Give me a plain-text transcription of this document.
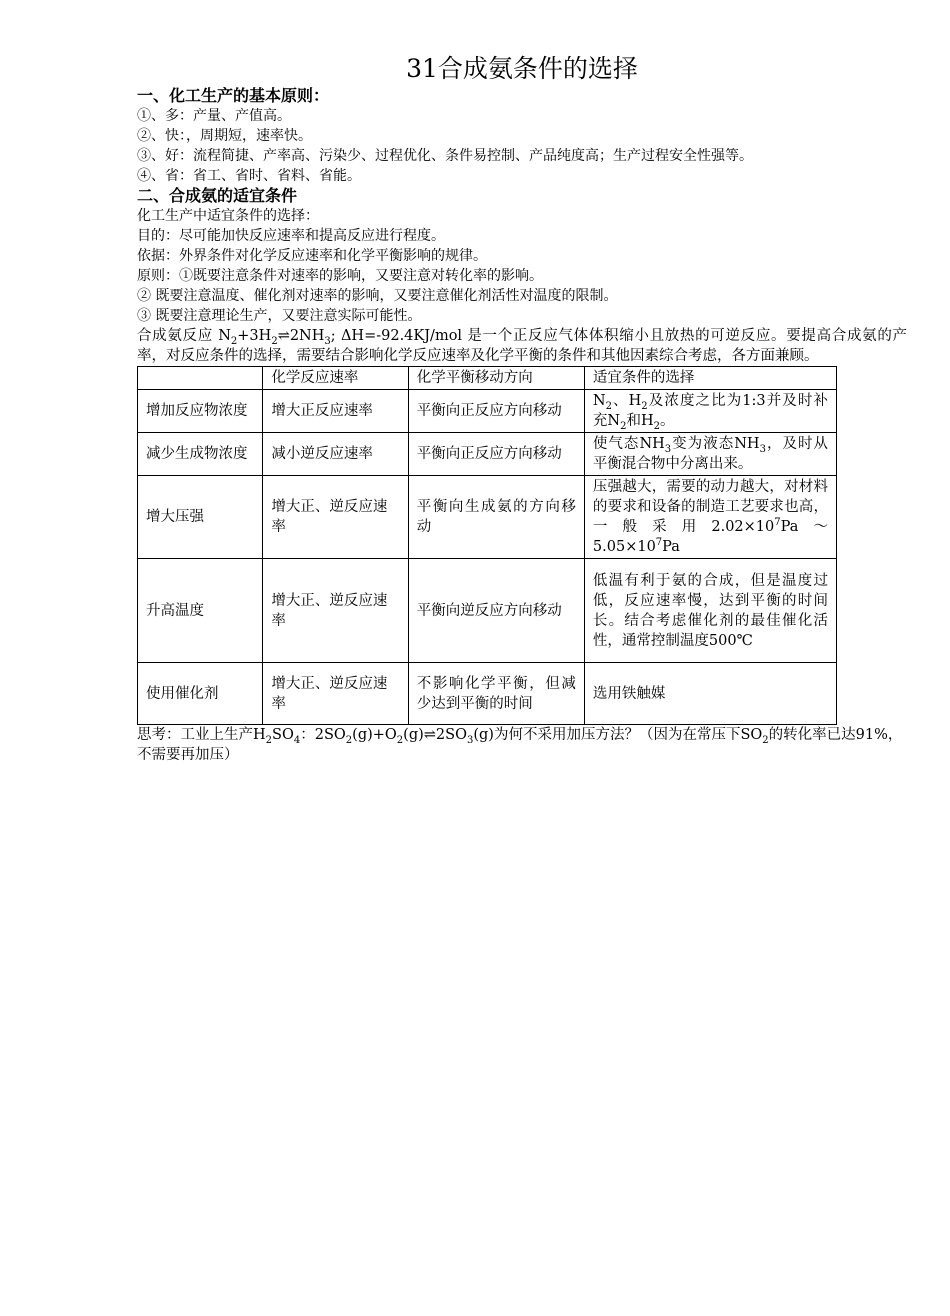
31合成氨条件的选择
一、化工生产的基本原则：
①、多：产量、产值高。
②、快：，周期短，速率快。
③、好：流程简捷、产率高、污染少、过程优化、条件易控制、产品纯度高；生产过程安全性强等。
④、省：省工、省时、省料、省能。
二、合成氨的适宜条件
化工生产中适宜条件的选择：
目的：尽可能加快反应速率和提高反应进行程度。
依据：外界条件对化学反应速率和化学平衡影响的规律。
原则：①既要注意条件对速率的影响，又要注意对转化率的影响。
② 既要注意温度、催化剂对速率的影响，又要注意催化剂活性对温度的限制。
③ 既要注意理论生产，又要注意实际可能性。
合成氨反应 $N_2+3H_2\rightleftharpoons 2NH_3$; ΔH=-92.4KJ/mol 是一个正反应气体体积缩小且放热的可逆反应。要提高合成氨的产率，对反应条件的选择，需要结合影响化学反应速率及化学平衡的条件和其他因素综合考虑，各方面兼顾。
	化学反应速率	化学平衡移动方向	适宜条件的选择
增加反应物浓度	增大正反应速率	平衡向正反应方向移动	$N_2$、$H_2$及浓度之比为1:3并及时补充$N_2$和$H_2$。
减少生成物浓度	减小逆反应速率	平衡向正反应方向移动	使气态$NH_3$变为液态$NH_3$，及时从平衡混合物中分离出来。
增大压强	增大正、逆反应速率	平衡向生成氨的方向移动	压强越大，需要的动力越大，对材料的要求和设备的制造工艺要求也高，一般采用$2.02\times 10^7Pa\sim 5.05\times 10^7Pa$
升高温度	增大正、逆反应速率	平衡向逆反应方向移动	低温有利于氨的合成，但是温度过低，反应速率慢，达到平衡的时间长。结合考虑催化剂的最佳催化活性，通常控制温度500℃
使用催化剂	增大正、逆反应速率	不影响化学平衡，但减少达到平衡的时间	选用铁触媒
思考：工业上生产$H_2SO_4$：$2SO_2(g)+O_2(g)\rightleftharpoons 2SO_3(g)$为何不采用加压方法？（因为在常压下$SO_2$的转化率已达91%，不需要再加压）
